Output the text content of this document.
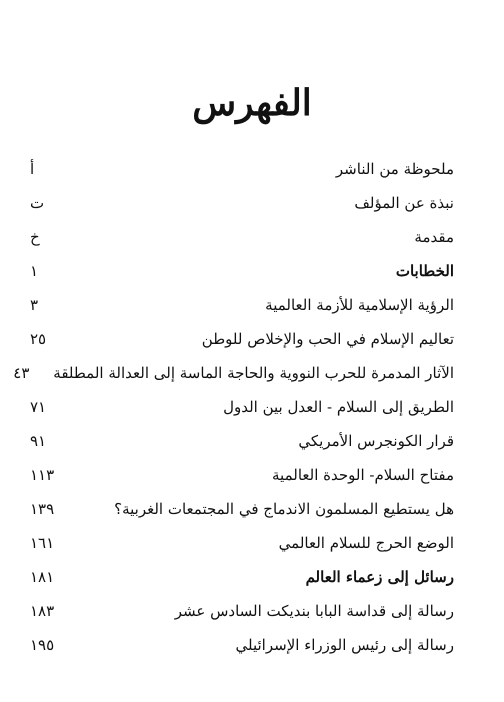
الفهرس
ملحوظة من الناشر
أ
نبذة عن المؤلف
ت
مقدمة
خ
الخطابات
١
الرؤية الإسلامية للأزمة العالمية
٣
تعاليم الإسلام في الحب والإخلاص للوطن
٢٥
الآثار المدمرة للحرب النووية والحاجة الماسة إلى العدالة المطلقة
٤٣
الطريق إلى السلام - العدل بين الدول
٧١
قرار الكونجرس الأمريكي
٩١
مفتاح السلام- الوحدة العالمية
١١٣
هل يستطيع المسلمون الاندماج في المجتمعات الغربية؟
١٣٩
الوضع الحرج للسلام العالمي
١٦١
رسائل إلى زعماء العالم
١٨١
رسالة إلى قداسة البابا بنديكت السادس عشر
١٨٣
رسالة إلى رئيس الوزراء الإسرائيلي
١٩٥
